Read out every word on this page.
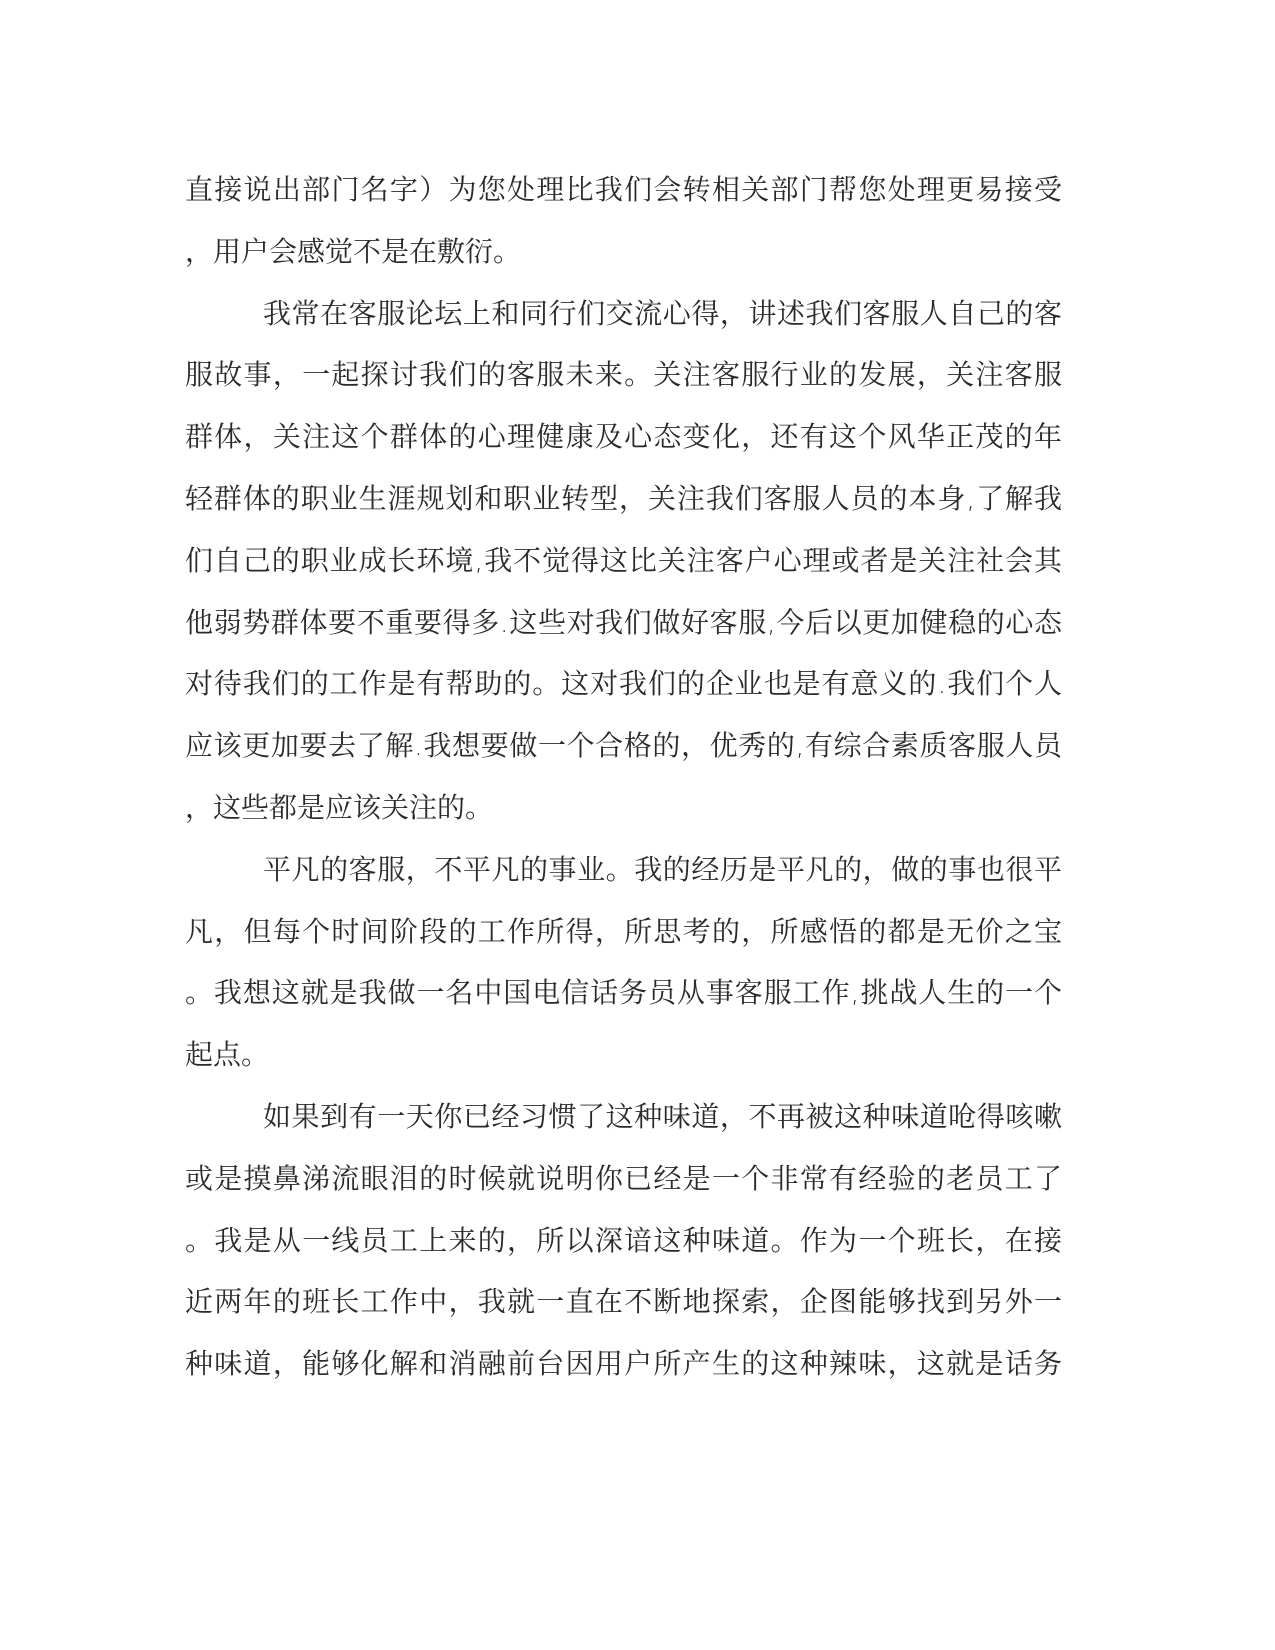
直接说出部门名字）为您处理比我们会转相关部门帮您处理更易接受
，用户会感觉不是在敷衍。
我常在客服论坛上和同行们交流心得，讲述我们客服人自己的客
服故事，一起探讨我们的客服未来。关注客服行业的发展，关注客服
群体，关注这个群体的心理健康及心态变化，还有这个风华正茂的年
轻群体的职业生涯规划和职业转型，关注我们客服人员的本身,了解我
们自己的职业成长环境,我不觉得这比关注客户心理或者是关注社会其
他弱势群体要不重要得多.这些对我们做好客服,今后以更加健稳的心态
对待我们的工作是有帮助的。这对我们的企业也是有意义的.我们个人
应该更加要去了解.我想要做一个合格的，优秀的,有综合素质客服人员
，这些都是应该关注的。
平凡的客服，不平凡的事业。我的经历是平凡的，做的事也很平
凡，但每个时间阶段的工作所得，所思考的，所感悟的都是无价之宝
。我想这就是我做一名中国电信话务员从事客服工作,挑战人生的一个
起点。
如果到有一天你已经习惯了这种味道，不再被这种味道呛得咳嗽
或是摸鼻涕流眼泪的时候就说明你已经是一个非常有经验的老员工了
。我是从一线员工上来的，所以深谙这种味道。作为一个班长，在接
近两年的班长工作中，我就一直在不断地探索，企图能够找到另外一
种味道，能够化解和消融前台因用户所产生的这种辣味，这就是话务
